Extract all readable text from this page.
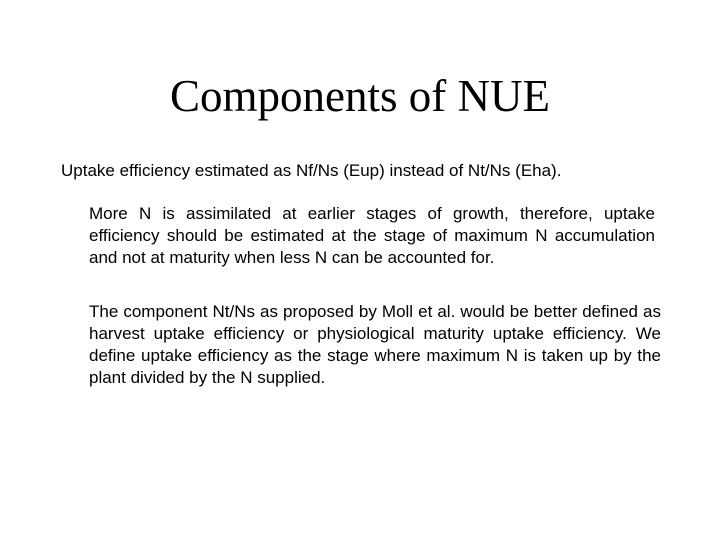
Components of NUE

Uptake efficiency estimated as Nf/Ns (Eup) instead of Nt/Ns (Eha).

More N is assimilated at earlier stages of growth, therefore, uptake efficiency should be estimated at the stage of maximum N accumulation and not at maturity when less N can be accounted for.

The component Nt/Ns as proposed by Moll et al. would be better defined as harvest uptake efficiency or physiological maturity uptake efficiency. We define uptake efficiency as the stage where maximum N is taken up by the plant divided by the N supplied.
